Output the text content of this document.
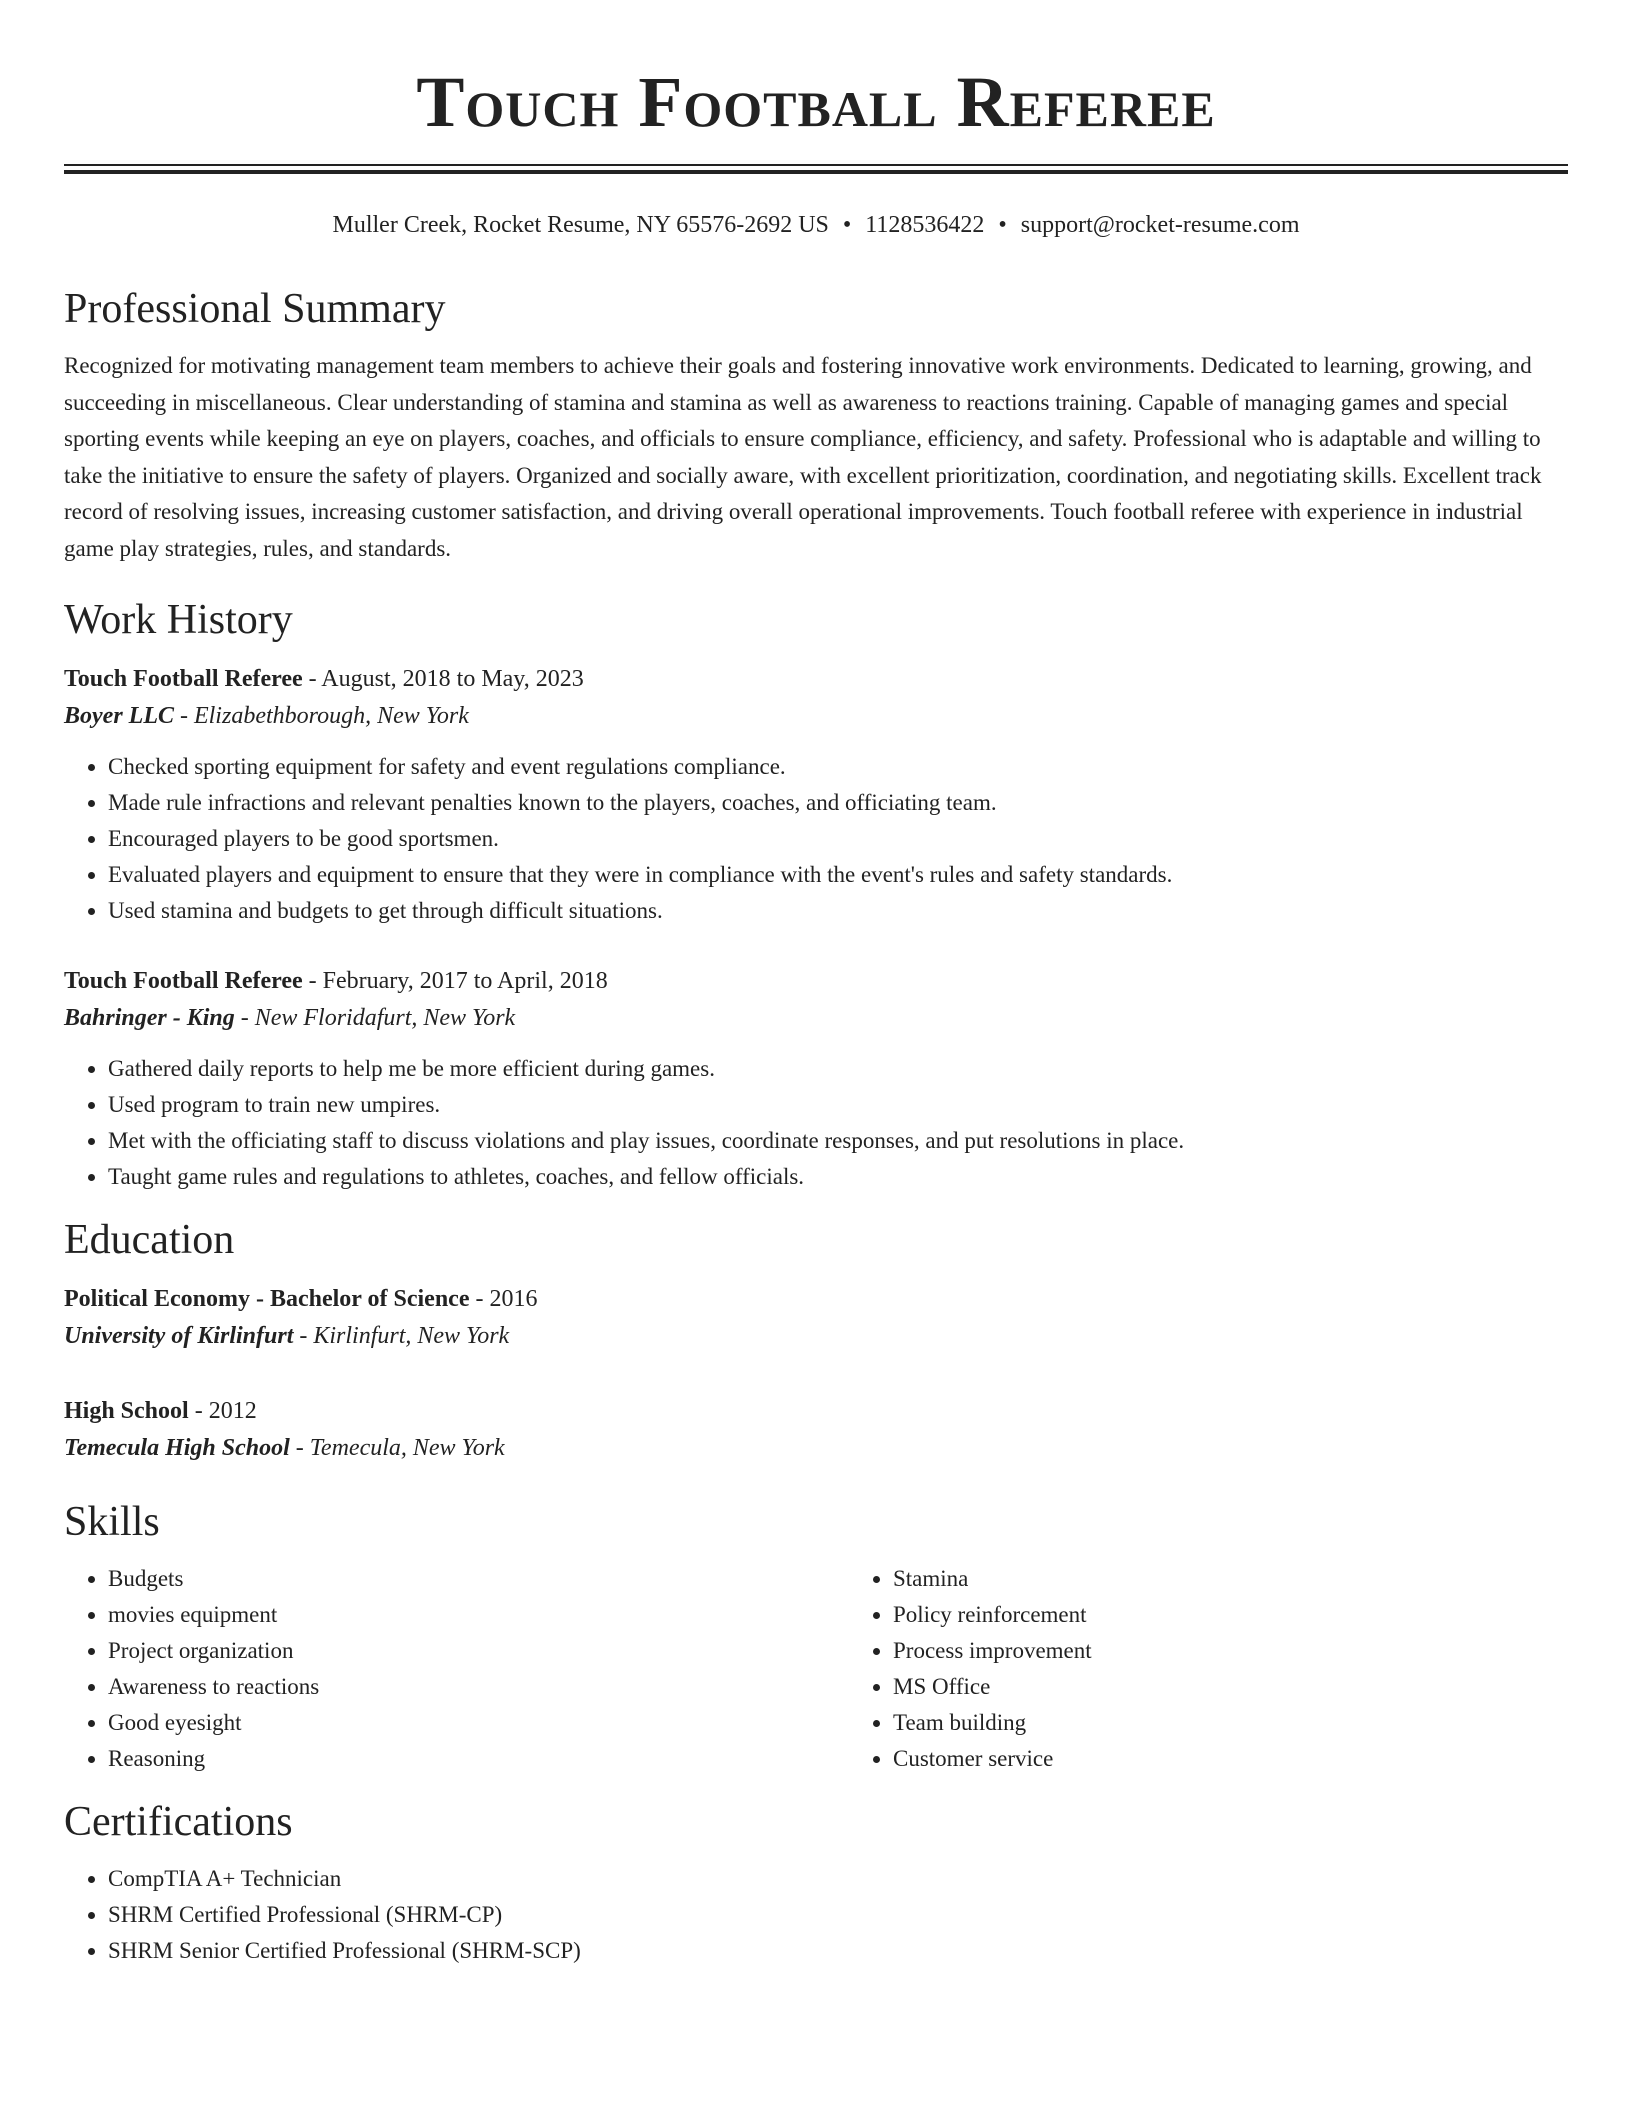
Touch Football Referee
Muller Creek, Rocket Resume, NY 65576-2692 US • 1128536422 • support@rocket-resume.com
Professional Summary
Recognized for motivating management team members to achieve their goals and fostering innovative work environments. Dedicated to learning, growing, and succeeding in miscellaneous. Clear understanding of stamina and stamina as well as awareness to reactions training. Capable of managing games and special sporting events while keeping an eye on players, coaches, and officials to ensure compliance, efficiency, and safety. Professional who is adaptable and willing to take the initiative to ensure the safety of players. Organized and socially aware, with excellent prioritization, coordination, and negotiating skills. Excellent track record of resolving issues, increasing customer satisfaction, and driving overall operational improvements. Touch football referee with experience in industrial game play strategies, rules, and standards.
Work History
Touch Football Referee - August, 2018 to May, 2023
Boyer LLC - Elizabethborough, New York
• Checked sporting equipment for safety and event regulations compliance.
• Made rule infractions and relevant penalties known to the players, coaches, and officiating team.
• Encouraged players to be good sportsmen.
• Evaluated players and equipment to ensure that they were in compliance with the event's rules and safety standards.
• Used stamina and budgets to get through difficult situations.
Touch Football Referee - February, 2017 to April, 2018
Bahringer - King - New Floridafurt, New York
• Gathered daily reports to help me be more efficient during games.
• Used program to train new umpires.
• Met with the officiating staff to discuss violations and play issues, coordinate responses, and put resolutions in place.
• Taught game rules and regulations to athletes, coaches, and fellow officials.
Education
Political Economy - Bachelor of Science - 2016
University of Kirlinfurt - Kirlinfurt, New York
High School - 2012
Temecula High School - Temecula, New York
Skills
• Budgets
• movies equipment
• Project organization
• Awareness to reactions
• Good eyesight
• Reasoning
• Stamina
• Policy reinforcement
• Process improvement
• MS Office
• Team building
• Customer service
Certifications
• CompTIA A+ Technician
• SHRM Certified Professional (SHRM-CP)
• SHRM Senior Certified Professional (SHRM-SCP)
